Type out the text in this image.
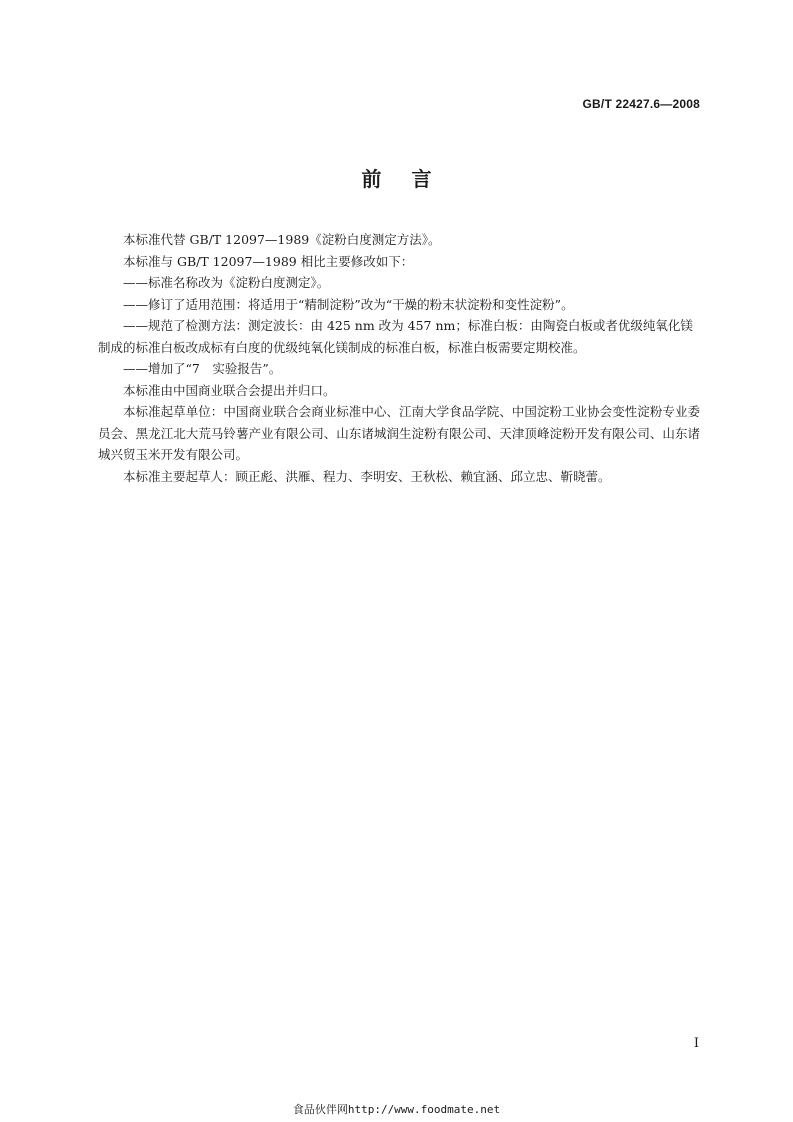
GB/T 22427.6—2008
前 言

本标准代替 GB/T 12097—1989《淀粉白度测定方法》。

本标准与 GB/T 12097—1989 相比主要修改如下：

——标准名称改为《淀粉白度测定》。

——修订了适用范围：将适用于“精制淀粉”改为“干燥的粉末状淀粉和变性淀粉”。

——规范了检测方法：测定波长：由 425 nm 改为 457 nm；标准白板：由陶瓷白板或者优级纯氧化镁
制成的标准白板改成标有白度的优级纯氧化镁制成的标准白板，标准白板需要定期校准。

——增加了“7　实验报告”。

本标准由中国商业联合会提出并归口。

本标准起草单位：中国商业联合会商业标准中心、江南大学食品学院、中国淀粉工业协会变性淀粉专业委员会、黑龙江北大荒马铃薯产业有限公司、山东诸城润生淀粉有限公司、天津顶峰淀粉开发有限公司、山东诸城兴贸玉米开发有限公司。

本标准主要起草人：顾正彪、洪雁、程力、李明安、王秋松、赖宜涵、邱立忠、靳晓蕾。

I
食品伙伴网http://www.foodmate.net
